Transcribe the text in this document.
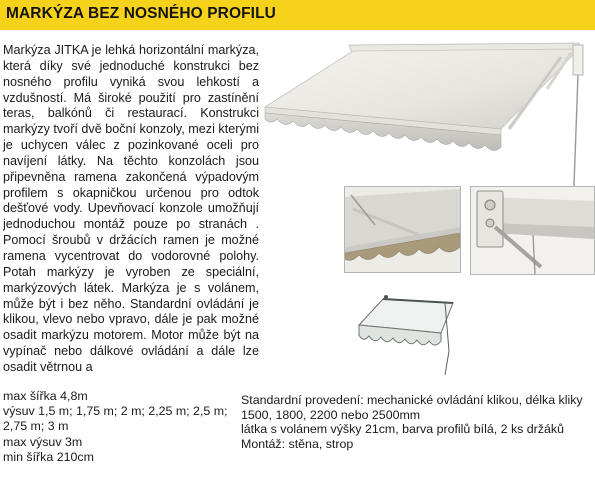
MARKÝZA BEZ NOSNÉHO PROFILU
Markýza JITKA je lehká horizontální markýza, která díky své jednoduché konstrukci bez nosného profilu vyniká svou lehkostí a vzdušností. Má široké použití pro zastínění teras, balkónů či restaurací. Konstrukci markýzy tvoří dvě boční konzoly, mezi kterými je uchycen válec z pozinkované oceli pro navíjení látky. Na těchto konzolách jsou připevněna ramena zakončená výpadovým profilem s okapničkou určenou pro odtok dešťové vody. Upevňovací konzole umožňují jednoduchou montáž pouze po stranách . Pomocí šroubů v držácích ramen je možné ramena vycentrovat do vodorovné polohy. Potah markýzy je vyroben ze speciální, markýzových látek. Markýza je s volánem, může být i bez něho. Standardní ovládání je klikou, vlevo nebo vpravo, dále je pak možné osadit markýzu motorem. Motor může být na vypínač nebo dálkové ovládání a dále lze osadit větrnou a
max šířka 4,8m
výsuv 1,5 m; 1,75 m; 2 m; 2,25 m; 2,5 m;
2,75 m; 3 m
max výsuv 3m
min šířka 210cm
Standardní provedení: mechanické ovládání klikou, délka kliky
1500, 1800, 2200 nebo 2500mm
látka s volánem výšky 21cm, barva profilů bílá, 2 ks držáků
Montáž: stěna, strop
